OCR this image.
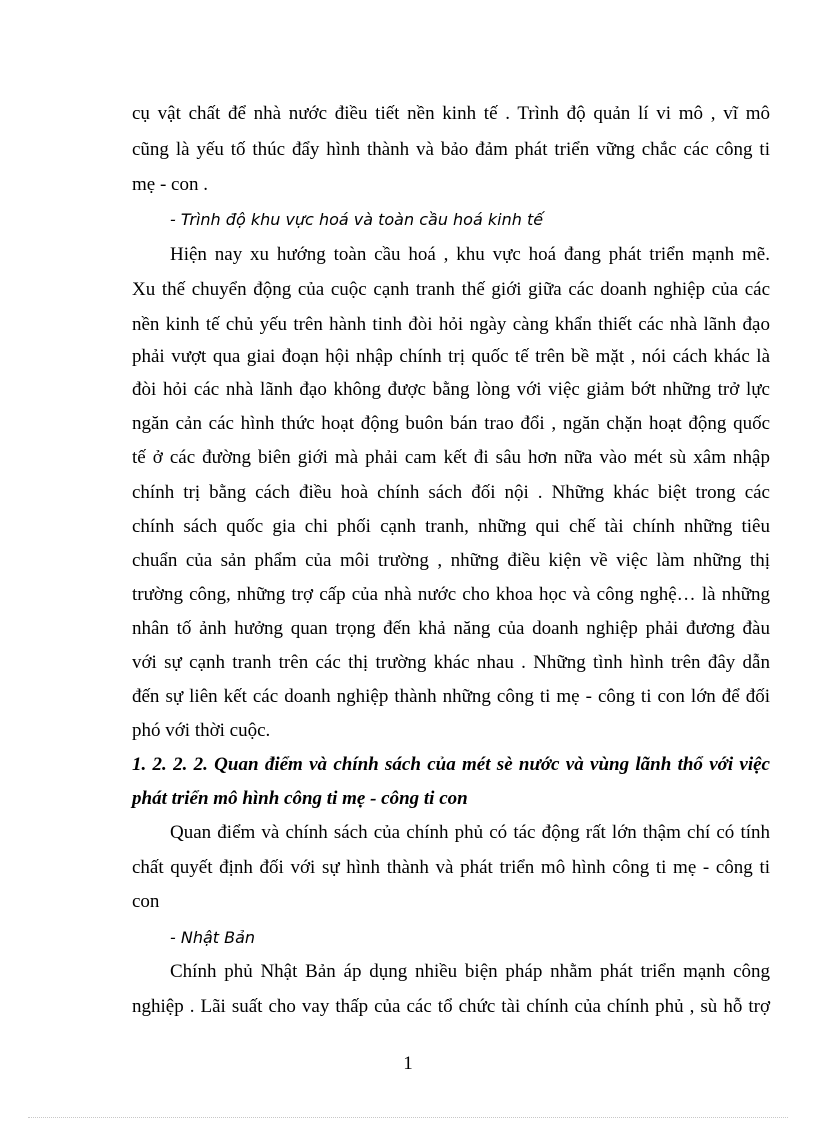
cụ vật chất để nhà nước điều tiết nền kinh tế . Trình độ quản lí vi mô , vĩ mô
cũng là yếu tố thúc đẩy hình thành và bảo đảm phát triển vững chắc các công ti
mẹ - con .
- Trình độ khu vực hoá và toàn cầu hoá kinh tế
Hiện nay xu hướng toàn cầu hoá , khu vực hoá đang phát triển mạnh mẽ.
Xu thế chuyển động của cuộc cạnh tranh thế giới giữa các doanh nghiệp của các
nền kinh tế chủ yếu trên hành tinh đòi hỏi ngày càng khẩn thiết các nhà lãnh đạo
phải vượt qua giai đoạn hội nhập chính trị quốc tế trên bề mặt , nói cách khác là
đòi hỏi các nhà lãnh đạo không được bằng lòng với việc giảm bớt những trở lực
ngăn cản các hình thức hoạt động buôn bán trao đổi , ngăn chặn hoạt động quốc
tế ở các đường biên giới mà phải cam kết đi sâu hơn nữa vào mét sù xâm nhập
chính trị bằng cách điều hoà chính sách đối nội . Những khác biệt trong các
chính sách quốc gia chi phối cạnh tranh, những qui chế tài chính những tiêu
chuẩn của sản phẩm của môi trường , những điều kiện về việc làm những thị
trường công, những trợ cấp của nhà nước cho khoa học và công nghệ… là những
nhân tố ảnh hưởng quan trọng đến khả năng của doanh nghiệp phải đương đàu
với sự cạnh tranh trên các thị trường khác nhau . Những tình hình trên đây dẫn
đến sự liên kết các doanh nghiệp thành những công ti mẹ - công ti con lớn để đối
phó với thời cuộc.
1. 2. 2. 2. Quan điểm và chính sách của mét sè nước và vùng lãnh thổ với việc
phát triển mô hình công ti mẹ - công ti con
Quan điểm và chính sách của chính phủ có tác động rất lớn thậm chí có tính
chất quyết định đối với sự hình thành và phát triển mô hình công ti mẹ - công ti
con
- Nhật Bản
Chính phủ Nhật Bản áp dụng nhiều biện pháp nhằm phát triển mạnh công
nghiệp . Lãi suất cho vay thấp của các tổ chức tài chính của chính phủ , sù hỗ trợ
1
